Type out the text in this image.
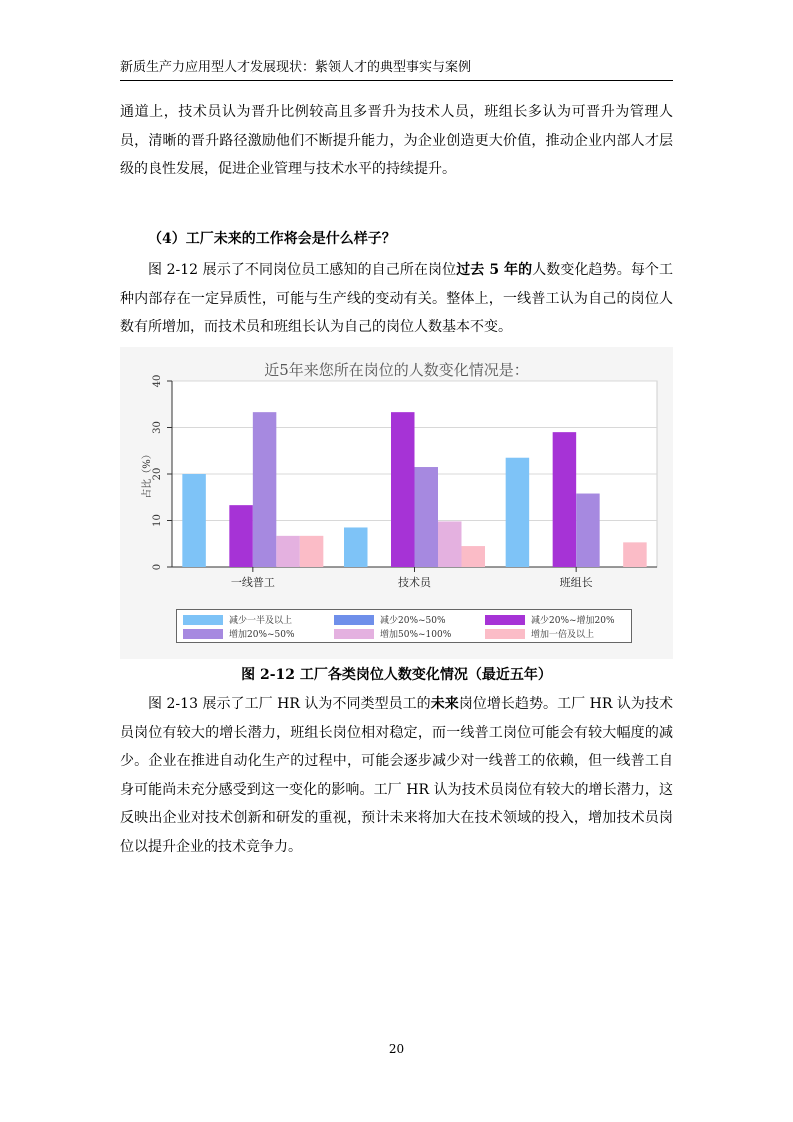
新质生产力应用型人才发展现状：紫领人才的典型事实与案例

通道上，技术员认为晋升比例较高且多晋升为技术人员，班组长多认为可晋升为管理人员，清晰的晋升路径激励他们不断提升能力，为企业创造更大价值，推动企业内部人才层级的良性发展，促进企业管理与技术水平的持续提升。

（4）工厂未来的工作将会是什么样子？

图 2-12 展示了不同岗位员工感知的自己所在岗位过去 5 年的人数变化趋势。每个工种内部存在一定异质性，可能与生产线的变动有关。整体上，一线普工认为自己的岗位人数有所增加，而技术员和班组长认为自己的岗位人数基本不变。

近5年来您所在岗位的人数变化情况是：
0
10
20
30
40
占比（%）
一线普工	技术员	班组长
减少一半及以上	减少20%~50%	减少20%~增加20%
增加20%~50%	增加50%~100%	增加一倍及以上
图 2-12 工厂各类岗位人数变化情况（最近五年）

图 2-13 展示了工厂 HR 认为不同类型员工的未来岗位增长趋势。工厂 HR 认为技术员岗位有较大的增长潜力，班组长岗位相对稳定，而一线普工岗位可能会有较大幅度的减少。企业在推进自动化生产的过程中，可能会逐步减少对一线普工的依赖，但一线普工自身可能尚未充分感受到这一变化的影响。工厂 HR 认为技术员岗位有较大的增长潜力，这反映出企业对技术创新和研发的重视，预计未来将加大在技术领域的投入，增加技术员岗位以提升企业的技术竞争力。

20
